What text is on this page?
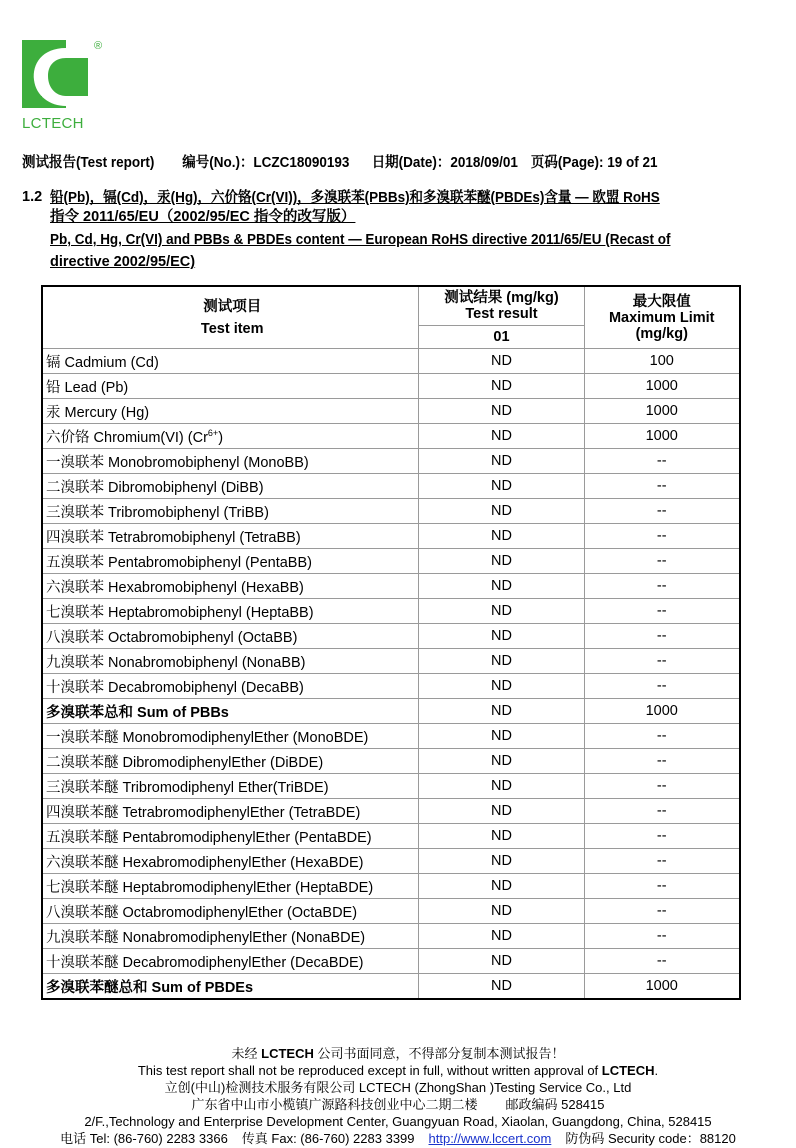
®
LCTECH
测试报告(Test report) 编号(No.)：LCZC18090193 日期(Date)：2018/09/01 页码(Page): 19 of 21
1.2 铅(Pb)，镉(Cd)，汞(Hg)，六价铬(Cr(VI))，多溴联苯(PBBs)和多溴联苯醚(PBDEs)含量 — 欧盟 RoHS
指令 2011/65/EU（2002/95/EC 指令的改写版）
Pb, Cd, Hg, Cr(VI) and PBBs & PBDEs content — European RoHS directive 2011/65/EU (Recast of
directive 2002/95/EC)
测试项目
Test item

测试结果 (mg/kg)
Test result

最大限值
Maximum Limit
(mg/kg)

	01	
镉 Cadmium (Cd)	ND	100
铅 Lead (Pb)	ND	1000
汞 Mercury (Hg)	ND	1000
六价铬 Chromium(VI) $(Cr^{6+})$	ND	1000
一溴联苯 Monobromobiphenyl (MonoBB)	ND	--
二溴联苯 Dibromobiphenyl (DiBB)	ND	--
三溴联苯 Tribromobiphenyl (TriBB)	ND	--
四溴联苯 Tetrabromobiphenyl (TetraBB)	ND	--
五溴联苯 Pentabromobiphenyl (PentaBB)	ND	--
六溴联苯 Hexabromobiphenyl (HexaBB)	ND	--
七溴联苯 Heptabromobiphenyl (HeptaBB)	ND	--
八溴联苯 Octabromobiphenyl (OctaBB)	ND	--
九溴联苯 Nonabromobiphenyl (NonaBB)	ND	--
十溴联苯 Decabromobiphenyl (DecaBB)	ND	--
多溴联苯总和 Sum of PBBs	ND	1000
一溴联苯醚 MonobromodiphenylEther (MonoBDE)	ND	--
二溴联苯醚 DibromodiphenylEther (DiBDE)	ND	--
三溴联苯醚 Tribromodiphenyl Ether(TriBDE)	ND	--
四溴联苯醚 TetrabromodiphenylEther (TetraBDE)	ND	--
五溴联苯醚 PentabromodiphenylEther (PentaBDE)	ND	--
六溴联苯醚 HexabromodiphenylEther (HexaBDE)	ND	--
七溴联苯醚 HeptabromodiphenylEther (HeptaBDE)	ND	--
八溴联苯醚 OctabromodiphenylEther (OctaBDE)	ND	--
九溴联苯醚 NonabromodiphenylEther (NonaBDE)	ND	--
十溴联苯醚 DecabromodiphenylEther (DecaBDE)	ND	--
多溴联苯醚总和 Sum of PBDEs	ND	1000
未经 LCTECH 公司书面同意，不得部分复制本测试报告！
This test report shall not be reproduced except in full, without written approval of LCTECH.
立创(中山)检测技术服务有限公司 LCTECH (ZhongShan )Testing Service Co., Ltd
广东省中山市小榄镇广源路科技创业中心二期二楼 邮政编码 528415
2/F.,Technology and Enterprise Development Center, Guangyuan Road, Xiaolan, Guangdong, China, 528415
电话 Tel: (86-760) 2283 3366 传真 Fax: (86-760) 2283 3399 http://www.lccert.com 防伪码 Security code：88120
